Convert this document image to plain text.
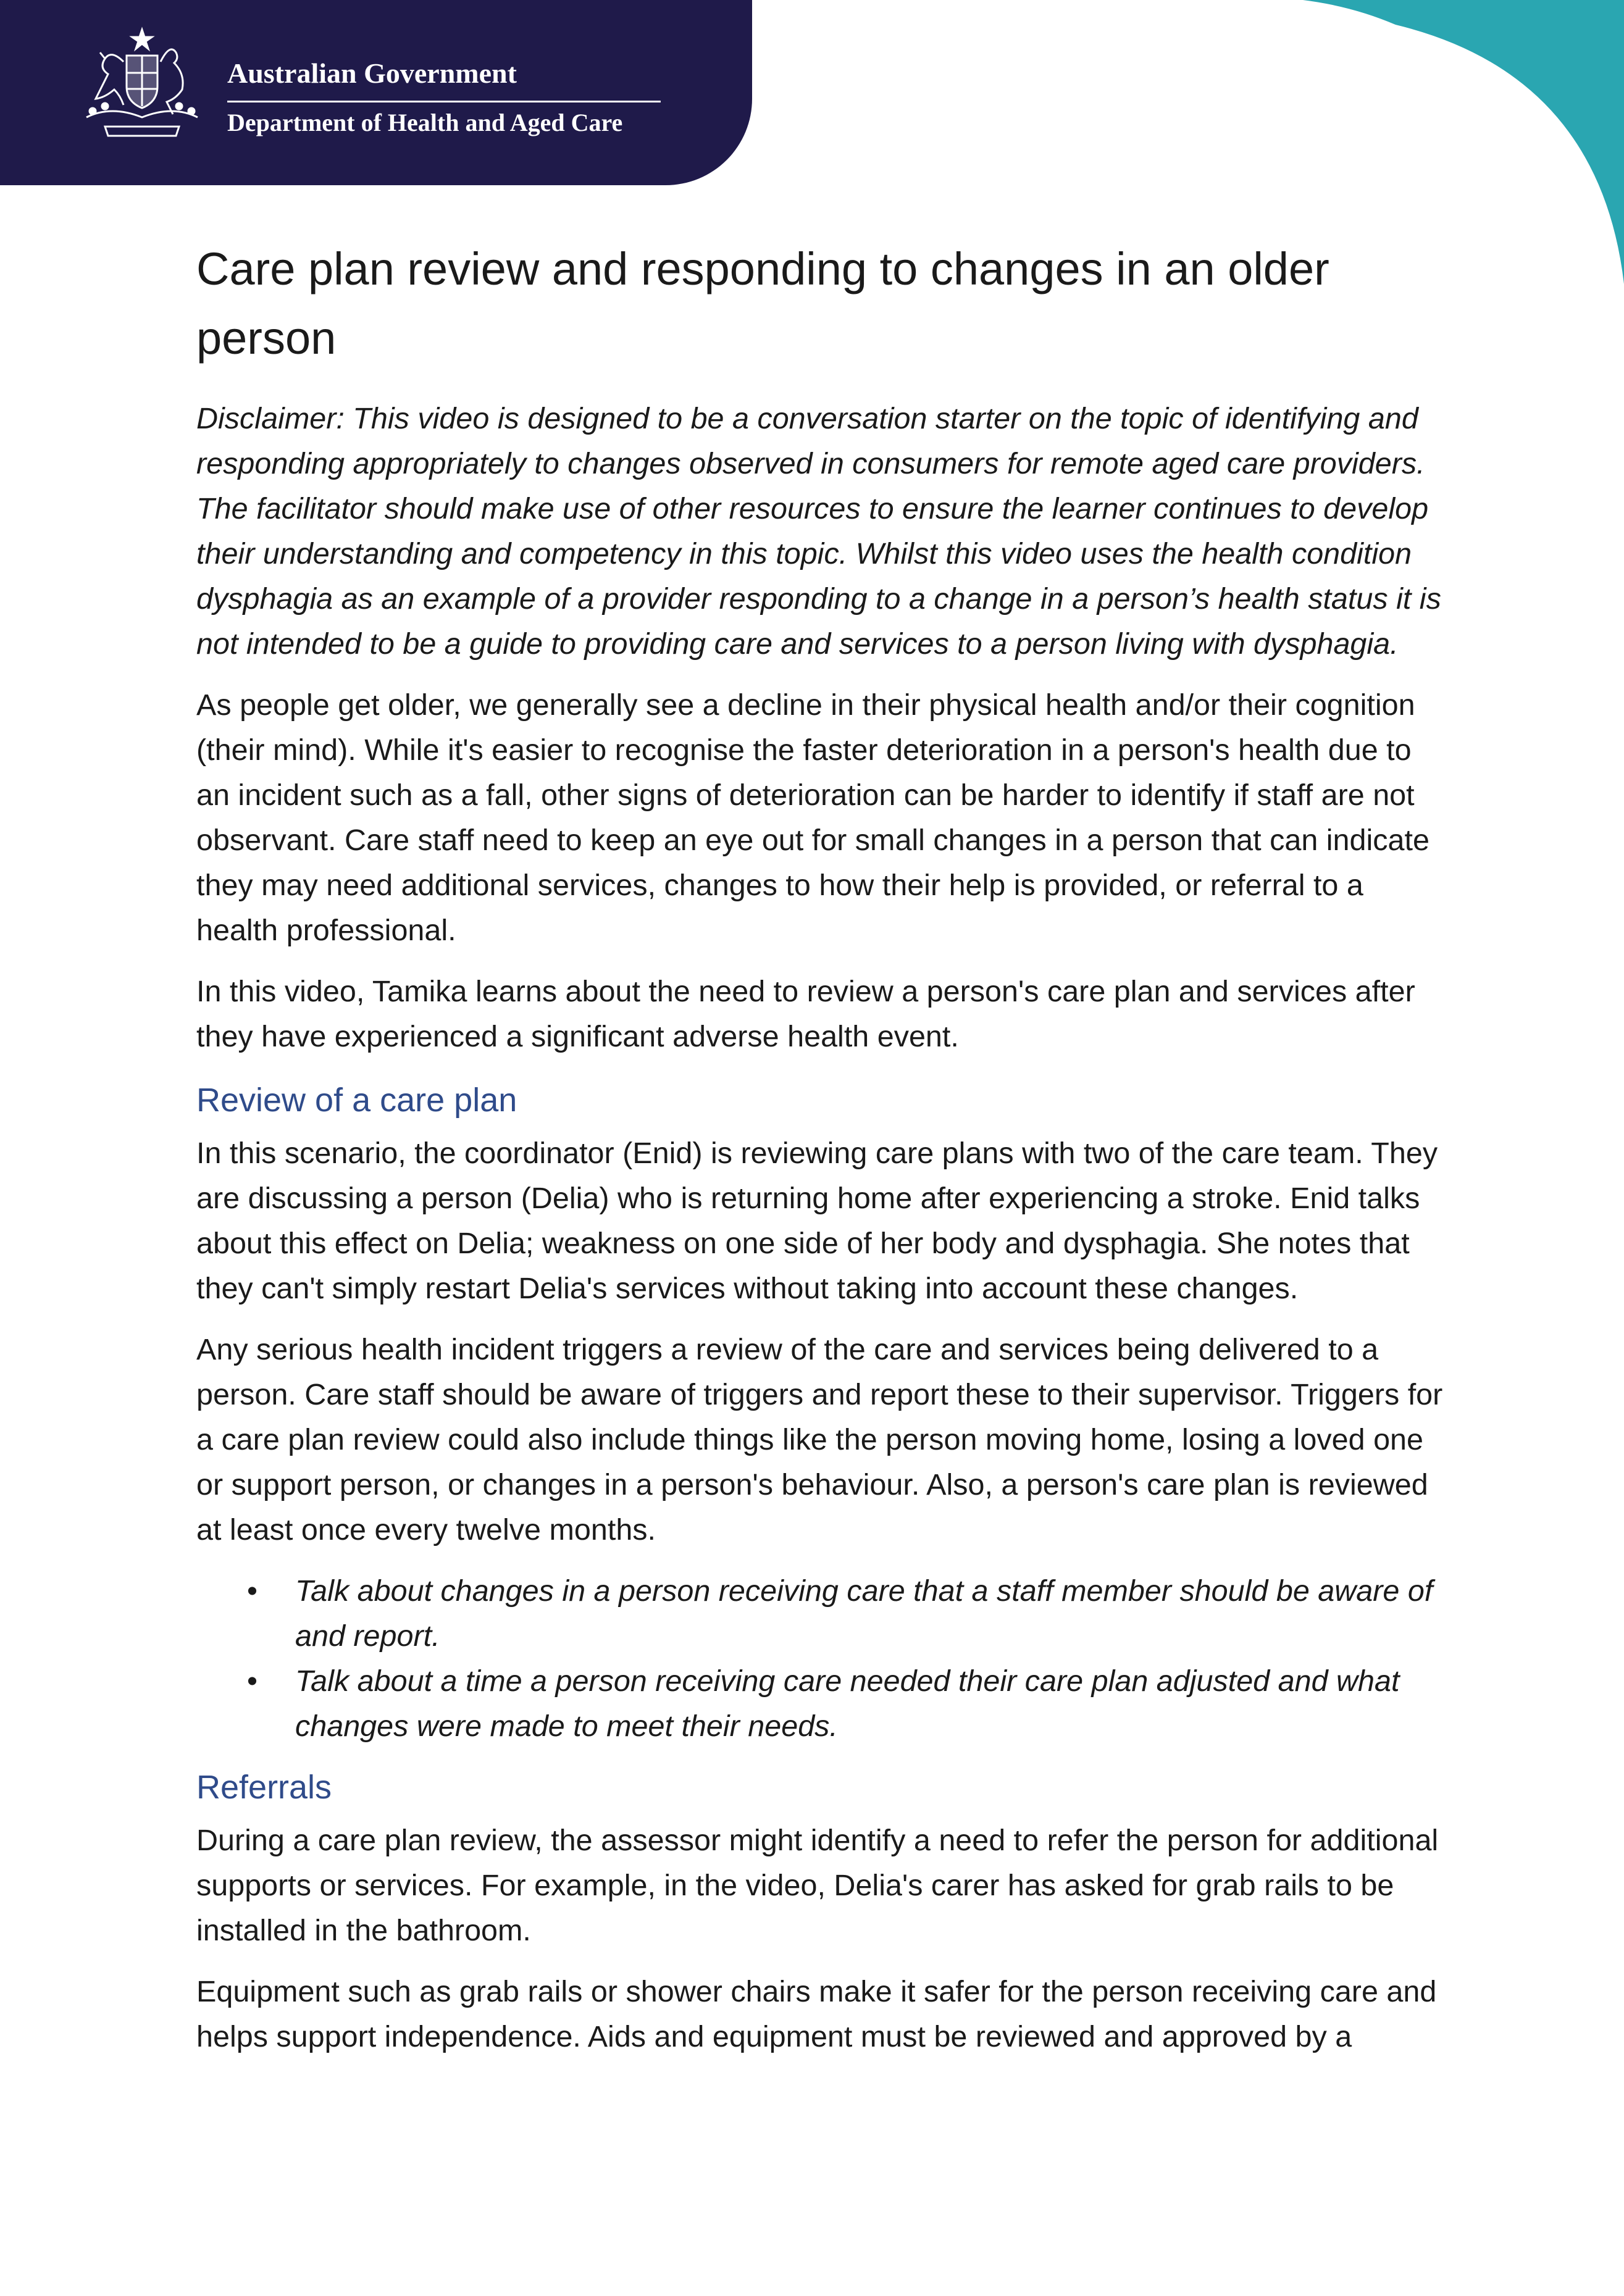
Australian Government
Department of Health and Aged Care
Care plan review and responding to changes in an older person

Disclaimer: This video is designed to be a conversation starter on the topic of identifying and responding appropriately to changes observed in consumers for remote aged care providers. The facilitator should make use of other resources to ensure the learner continues to develop their understanding and competency in this topic. Whilst this video uses the health condition dysphagia as an example of a provider responding to a change in a person’s health status it is not intended to be a guide to providing care and services to a person living with dysphagia.

As people get older, we generally see a decline in their physical health and/or their cognition (their mind). While it's easier to recognise the faster deterioration in a person's health due to an incident such as a fall, other signs of deterioration can be harder to identify if staff are not observant. Care staff need to keep an eye out for small changes in a person that can indicate they may need additional services, changes to how their help is provided, or referral to a health professional.

In this video, Tamika learns about the need to review a person's care plan and services after they have experienced a significant adverse health event.

Review of a care plan

In this scenario, the coordinator (Enid) is reviewing care plans with two of the care team. They are discussing a person (Delia) who is returning home after experiencing a stroke. Enid talks about this effect on Delia; weakness on one side of her body and dysphagia. She notes that they can't simply restart Delia's services without taking into account these changes.

Any serious health incident triggers a review of the care and services being delivered to a person. Care staff should be aware of triggers and report these to their supervisor. Triggers for a care plan review could also include things like the person moving home, losing a loved one or support person, or changes in a person's behaviour. Also, a person's care plan is reviewed at least once every twelve months.

• Talk about changes in a person receiving care that a staff member should be aware of and report.
• Talk about a time a person receiving care needed their care plan adjusted and what changes were made to meet their needs.
Referrals

During a care plan review, the assessor might identify a need to refer the person for additional supports or services. For example, in the video, Delia's carer has asked for grab rails to be installed in the bathroom.

Equipment such as grab rails or shower chairs make it safer for the person receiving care and helps support independence. Aids and equipment must be reviewed and approved by a
